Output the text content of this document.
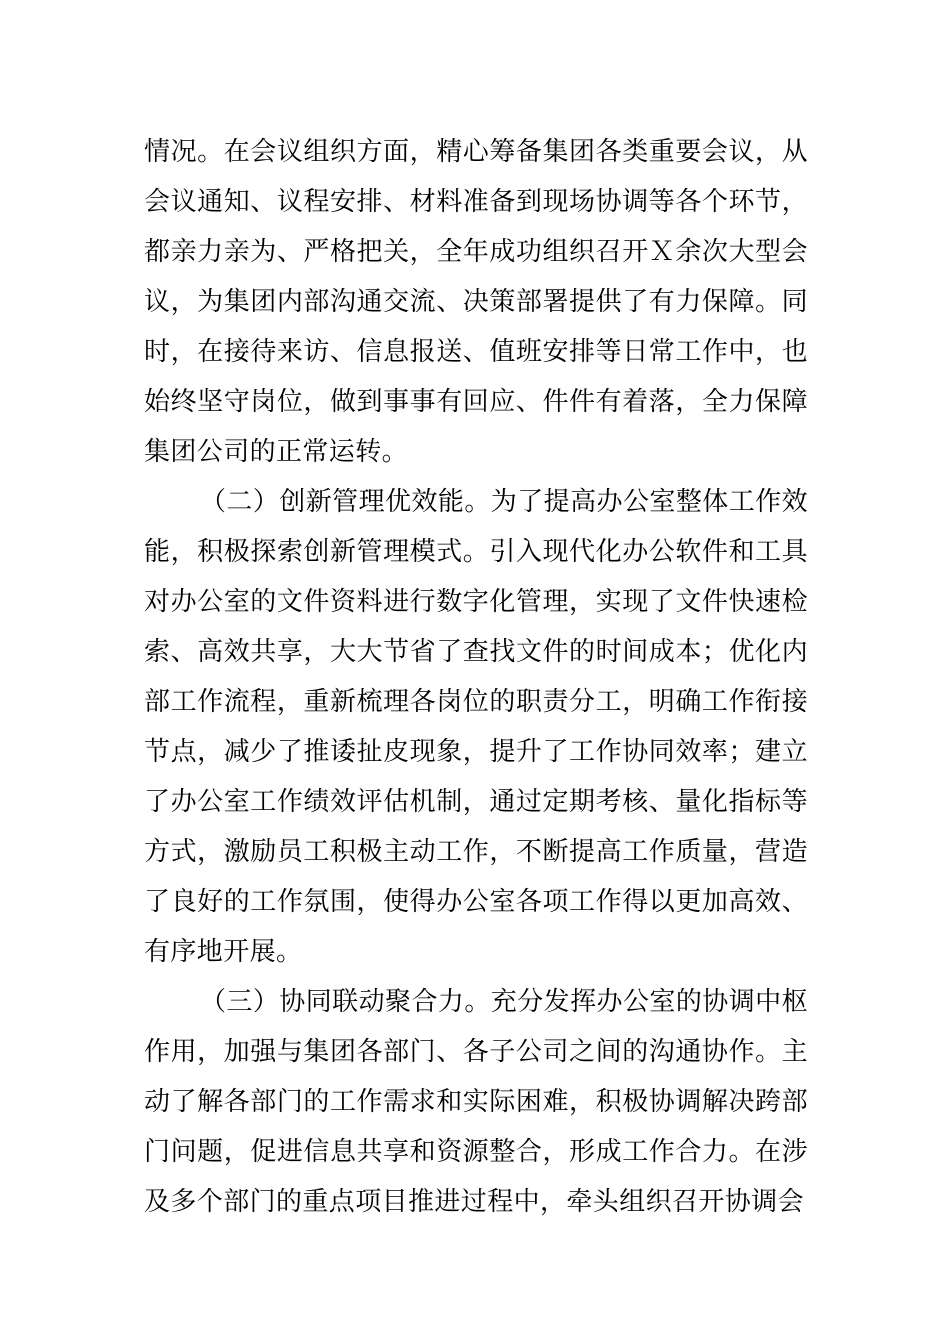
情况。在会议组织方面，精心筹备集团各类重要会议，从会议通知、议程安排、材料准备到现场协调等各个环节，都亲力亲为、严格把关，全年成功组织召开Ｘ余次大型会议，为集团内部沟通交流、决策部署提供了有力保障。同时，在接待来访、信息报送、值班安排等日常工作中，也始终坚守岗位，做到事事有回应、件件有着落，全力保障集团公司的正常运转。

（二）创新管理优效能。为了提高办公室整体工作效能，积极探索创新管理模式。引入现代化办公软件和工具对办公室的文件资料进行数字化管理，实现了文件快速检索、高效共享，大大节省了查找文件的时间成本；优化内部工作流程，重新梳理各岗位的职责分工，明确工作衔接节点，减少了推诿扯皮现象，提升了工作协同效率；建立了办公室工作绩效评估机制，通过定期考核、量化指标等方式，激励员工积极主动工作，不断提高工作质量，营造了良好的工作氛围，使得办公室各项工作得以更加高效、有序地开展。

（三）协同联动聚合力。充分发挥办公室的协调中枢作用，加强与集团各部门、各子公司之间的沟通协作。主动了解各部门的工作需求和实际困难，积极协调解决跨部门问题，促进信息共享和资源整合，形成工作合力。在涉及多个部门的重点项目推进过程中，牵头组织召开协调会
